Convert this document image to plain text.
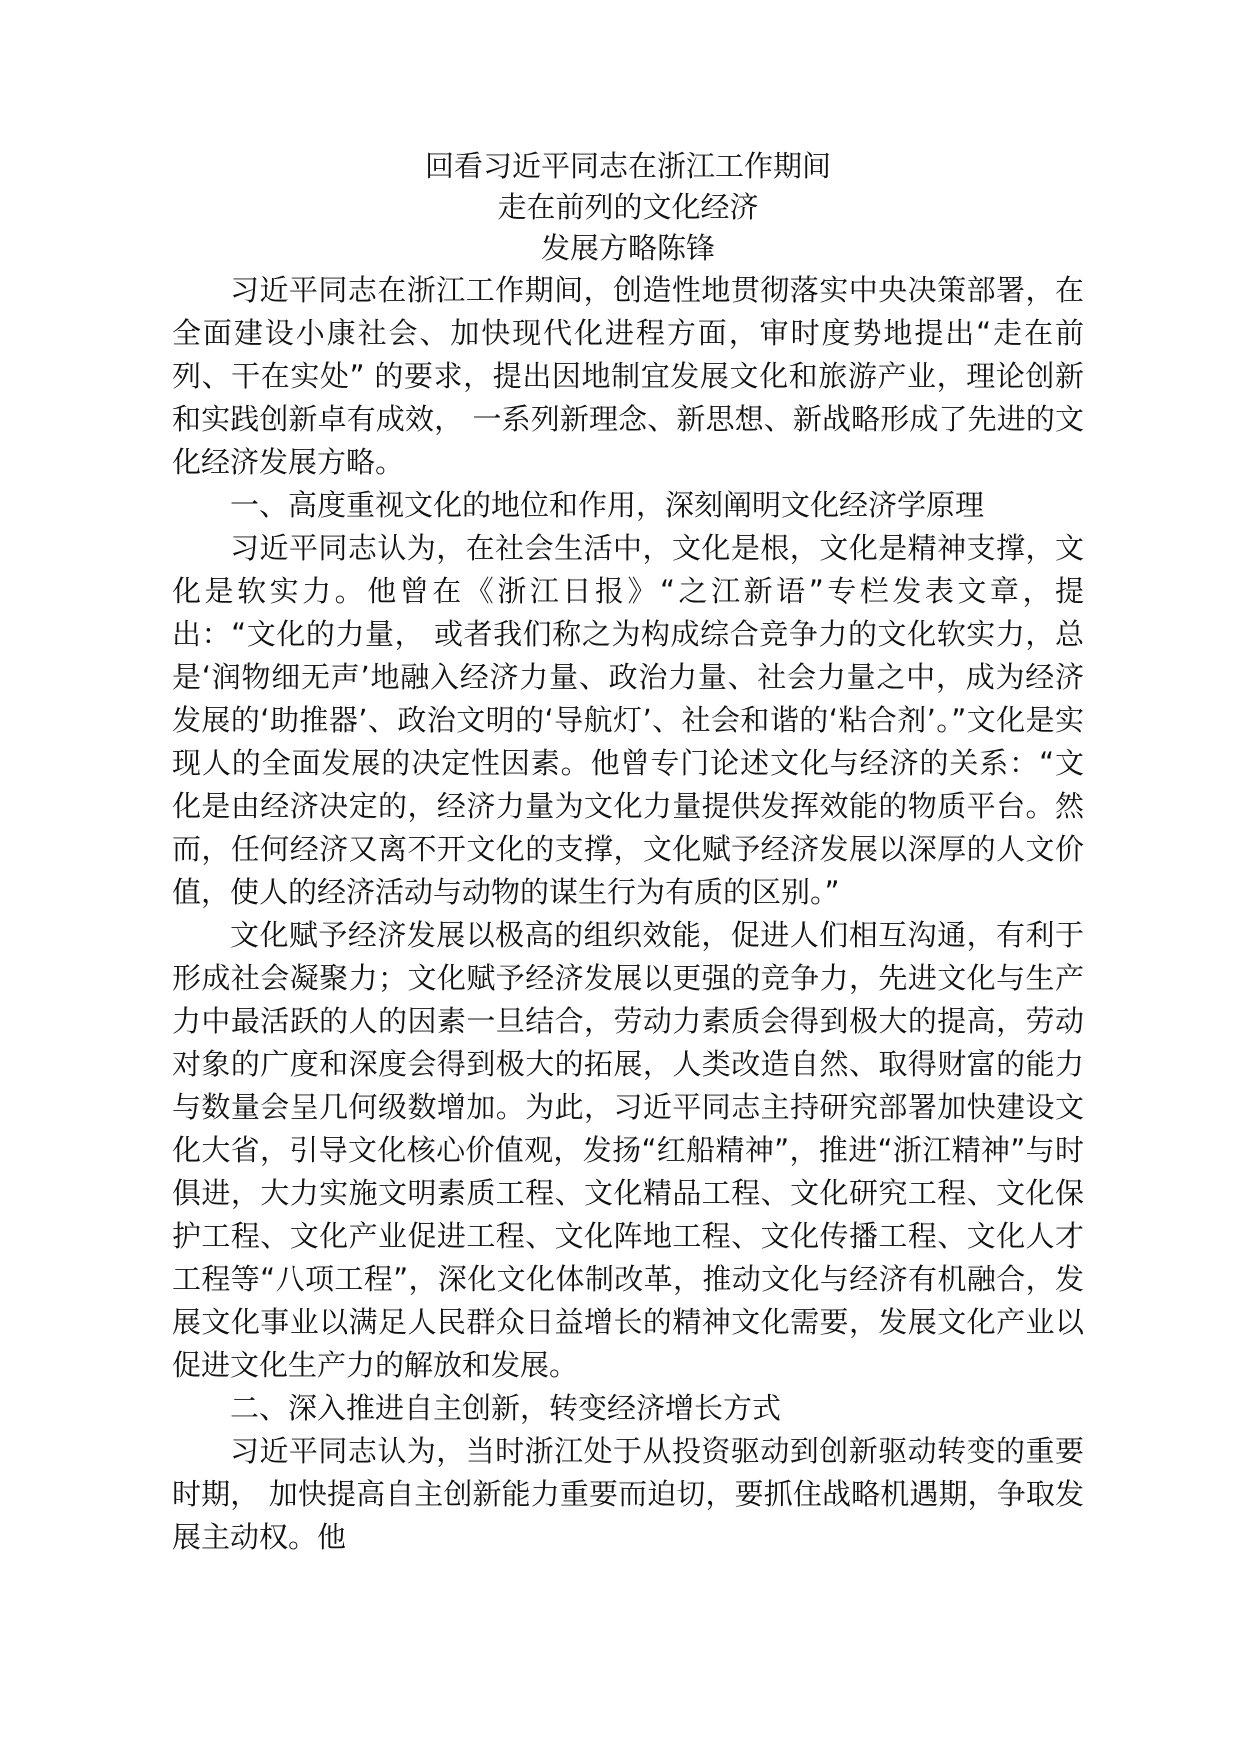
回看习近平同志在浙江工作期间
走在前列的文化经济
发展方略陈锋

习近平同志在浙江工作期间，创造性地贯彻落实中央决策部署，在全面建设小康社会、加快现代化进程方面，审时度势地提出“走在前列、干在实处” 的要求，提出因地制宜发展文化和旅游产业，理论创新和实践创新卓有成效， 一系列新理念、新思想、新战略形成了先进的文化经济发展方略。

一、高度重视文化的地位和作用，深刻阐明文化经济学原理

习近平同志认为，在社会生活中，文化是根，文化是精神支撑，文化是软实力。他曾在《浙江日报》“之江新语”专栏发表文章，提出：“文化的力量， 或者我们称之为构成综合竞争力的文化软实力，总是‘润物细无声’地融入经济力量、政治力量、社会力量之中，成为经济发展的‘助推器’、政治文明的‘导航灯’、社会和谐的‘粘合剂’。”文化是实现人的全面发展的决定性因素。他曾专门论述文化与经济的关系：“文化是由经济决定的，经济力量为文化力量提供发挥效能的物质平台。然而，任何经济又离不开文化的支撑，文化赋予经济发展以深厚的人文价值，使人的经济活动与动物的谋生行为有质的区别。”

文化赋予经济发展以极高的组织效能，促进人们相互沟通，有利于形成社会凝聚力；文化赋予经济发展以更强的竞争力，先进文化与生产力中最活跃的人的因素一旦结合，劳动力素质会得到极大的提高，劳动对象的广度和深度会得到极大的拓展，人类改造自然、取得财富的能力与数量会呈几何级数增加。为此，习近平同志主持研究部署加快建设文化大省，引导文化核心价值观，发扬“红船精神”，推进“浙江精神”与时俱进，大力实施文明素质工程、文化精品工程、文化研究工程、文化保护工程、文化产业促进工程、文化阵地工程、文化传播工程、文化人才工程等“八项工程”，深化文化体制改革，推动文化与经济有机融合，发展文化事业以满足人民群众日益增长的精神文化需要，发展文化产业以促进文化生产力的解放和发展。

二、深入推进自主创新，转变经济增长方式

习近平同志认为，当时浙江处于从投资驱动到创新驱动转变的重要时期， 加快提高自主创新能力重要而迫切，要抓住战略机遇期，争取发展主动权。他
